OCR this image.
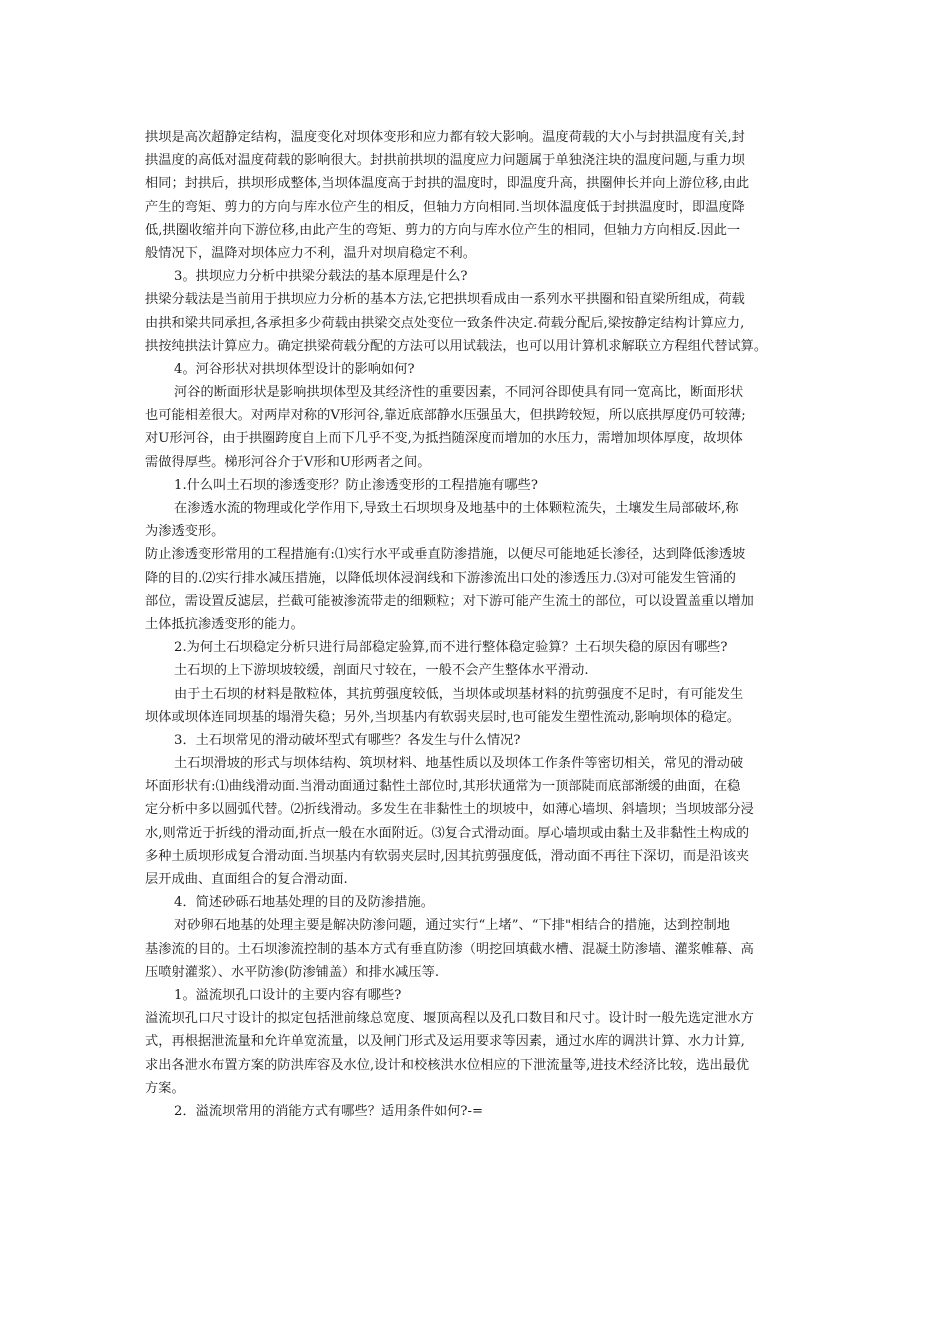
拱坝是高次超静定结构，温度变化对坝体变形和应力都有较大影响。温度荷载的大小与封拱温度有关,封
拱温度的高低对温度荷载的影响很大。封拱前拱坝的温度应力问题属于单独浇注块的温度问题,与重力坝
相同；封拱后，拱坝形成整体,当坝体温度高于封拱的温度时，即温度升高，拱圈伸长并向上游位移,由此
产生的弯矩、剪力的方向与库水位产生的相反，但轴力方向相同.当坝体温度低于封拱温度时，即温度降
低,拱圈收缩并向下游位移,由此产生的弯矩、剪力的方向与库水位产生的相同，但轴力方向相反.因此一
般情况下，温降对坝体应力不利，温升对坝肩稳定不利。
3。拱坝应力分析中拱梁分载法的基本原理是什么?
拱梁分载法是当前用于拱坝应力分析的基本方法,它把拱坝看成由一系列水平拱圈和铅直梁所组成，荷载
由拱和梁共同承担,各承担多少荷载由拱梁交点处变位一致条件决定.荷载分配后,梁按静定结构计算应力,
拱按纯拱法计算应力。确定拱梁荷载分配的方法可以用试载法，也可以用计算机求解联立方程组代替试算。
4。河谷形状对拱坝体型设计的影响如何?
河谷的断面形状是影响拱坝体型及其经济性的重要因素，不同河谷即使具有同一宽高比，断面形状
也可能相差很大。对两岸对称的V形河谷,靠近底部静水压强虽大，但拱跨较短，所以底拱厚度仍可较薄;
对U形河谷，由于拱圈跨度自上而下几乎不变,为抵挡随深度而增加的水压力，需增加坝体厚度，故坝体
需做得厚些。梯形河谷介于V形和U形两者之间。
1.什么叫土石坝的渗透变形？防止渗透变形的工程措施有哪些?
在渗透水流的物理或化学作用下,导致土石坝坝身及地基中的土体颗粒流失，土壤发生局部破坏,称
为渗透变形。
防止渗透变形常用的工程措施有:⑴实行水平或垂直防渗措施，以便尽可能地延长渗径，达到降低渗透坡
降的目的.⑵实行排水减压措施，以降低坝体浸润线和下游渗流出口处的渗透压力.⑶对可能发生管涌的
部位，需设置反滤层，拦截可能被渗流带走的细颗粒；对下游可能产生流土的部位，可以设置盖重以增加
土体抵抗渗透变形的能力。
2.为何土石坝稳定分析只进行局部稳定验算,而不进行整体稳定验算？土石坝失稳的原因有哪些?
土石坝的上下游坝坡较缓，剖面尺寸较在，一般不会产生整体水平滑动.
由于土石坝的材料是散粒体，其抗剪强度较低，当坝体或坝基材料的抗剪强度不足时，有可能发生
坝体或坝体连同坝基的塌滑失稳；另外,当坝基内有软弱夹层时,也可能发生塑性流动,影响坝体的稳定。
3．土石坝常见的滑动破坏型式有哪些？各发生与什么情况?
土石坝滑坡的形式与坝体结构、筑坝材料、地基性质以及坝体工作条件等密切相关，常见的滑动破
坏面形状有:⑴曲线滑动面.当滑动面通过黏性土部位时,其形状通常为一顶部陡而底部渐缓的曲面，在稳
定分析中多以圆弧代替。⑵折线滑动。多发生在非黏性土的坝坡中，如薄心墙坝、斜墙坝；当坝坡部分浸
水,则常近于折线的滑动面,折点一般在水面附近。⑶复合式滑动面。厚心墙坝或由黏土及非黏性土构成的
多种土质坝形成复合滑动面.当坝基内有软弱夹层时,因其抗剪强度低，滑动面不再往下深切，而是沿该夹
层开成曲、直面组合的复合滑动面.
4．简述砂砾石地基处理的目的及防渗措施。
对砂卵石地基的处理主要是解决防渗问题，通过实行“上堵”、“下排"相结合的措施，达到控制地
基渗流的目的。土石坝渗流控制的基本方式有垂直防渗（明挖回填截水槽、混凝土防渗墙、灌浆帷幕、高
压喷射灌浆）、水平防渗(防渗铺盖）和排水减压等.
1。溢流坝孔口设计的主要内容有哪些?
溢流坝孔口尺寸设计的拟定包括泄前缘总宽度、堰顶高程以及孔口数目和尺寸。设计时一般先选定泄水方
式，再根据泄流量和允许单宽流量，以及闸门形式及运用要求等因素，通过水库的调洪计算、水力计算,
求出各泄水布置方案的防洪库容及水位,设计和校核洪水位相应的下泄流量等,进技术经济比较，选出最优
方案。
2．溢流坝常用的消能方式有哪些？适用条件如何?-=
